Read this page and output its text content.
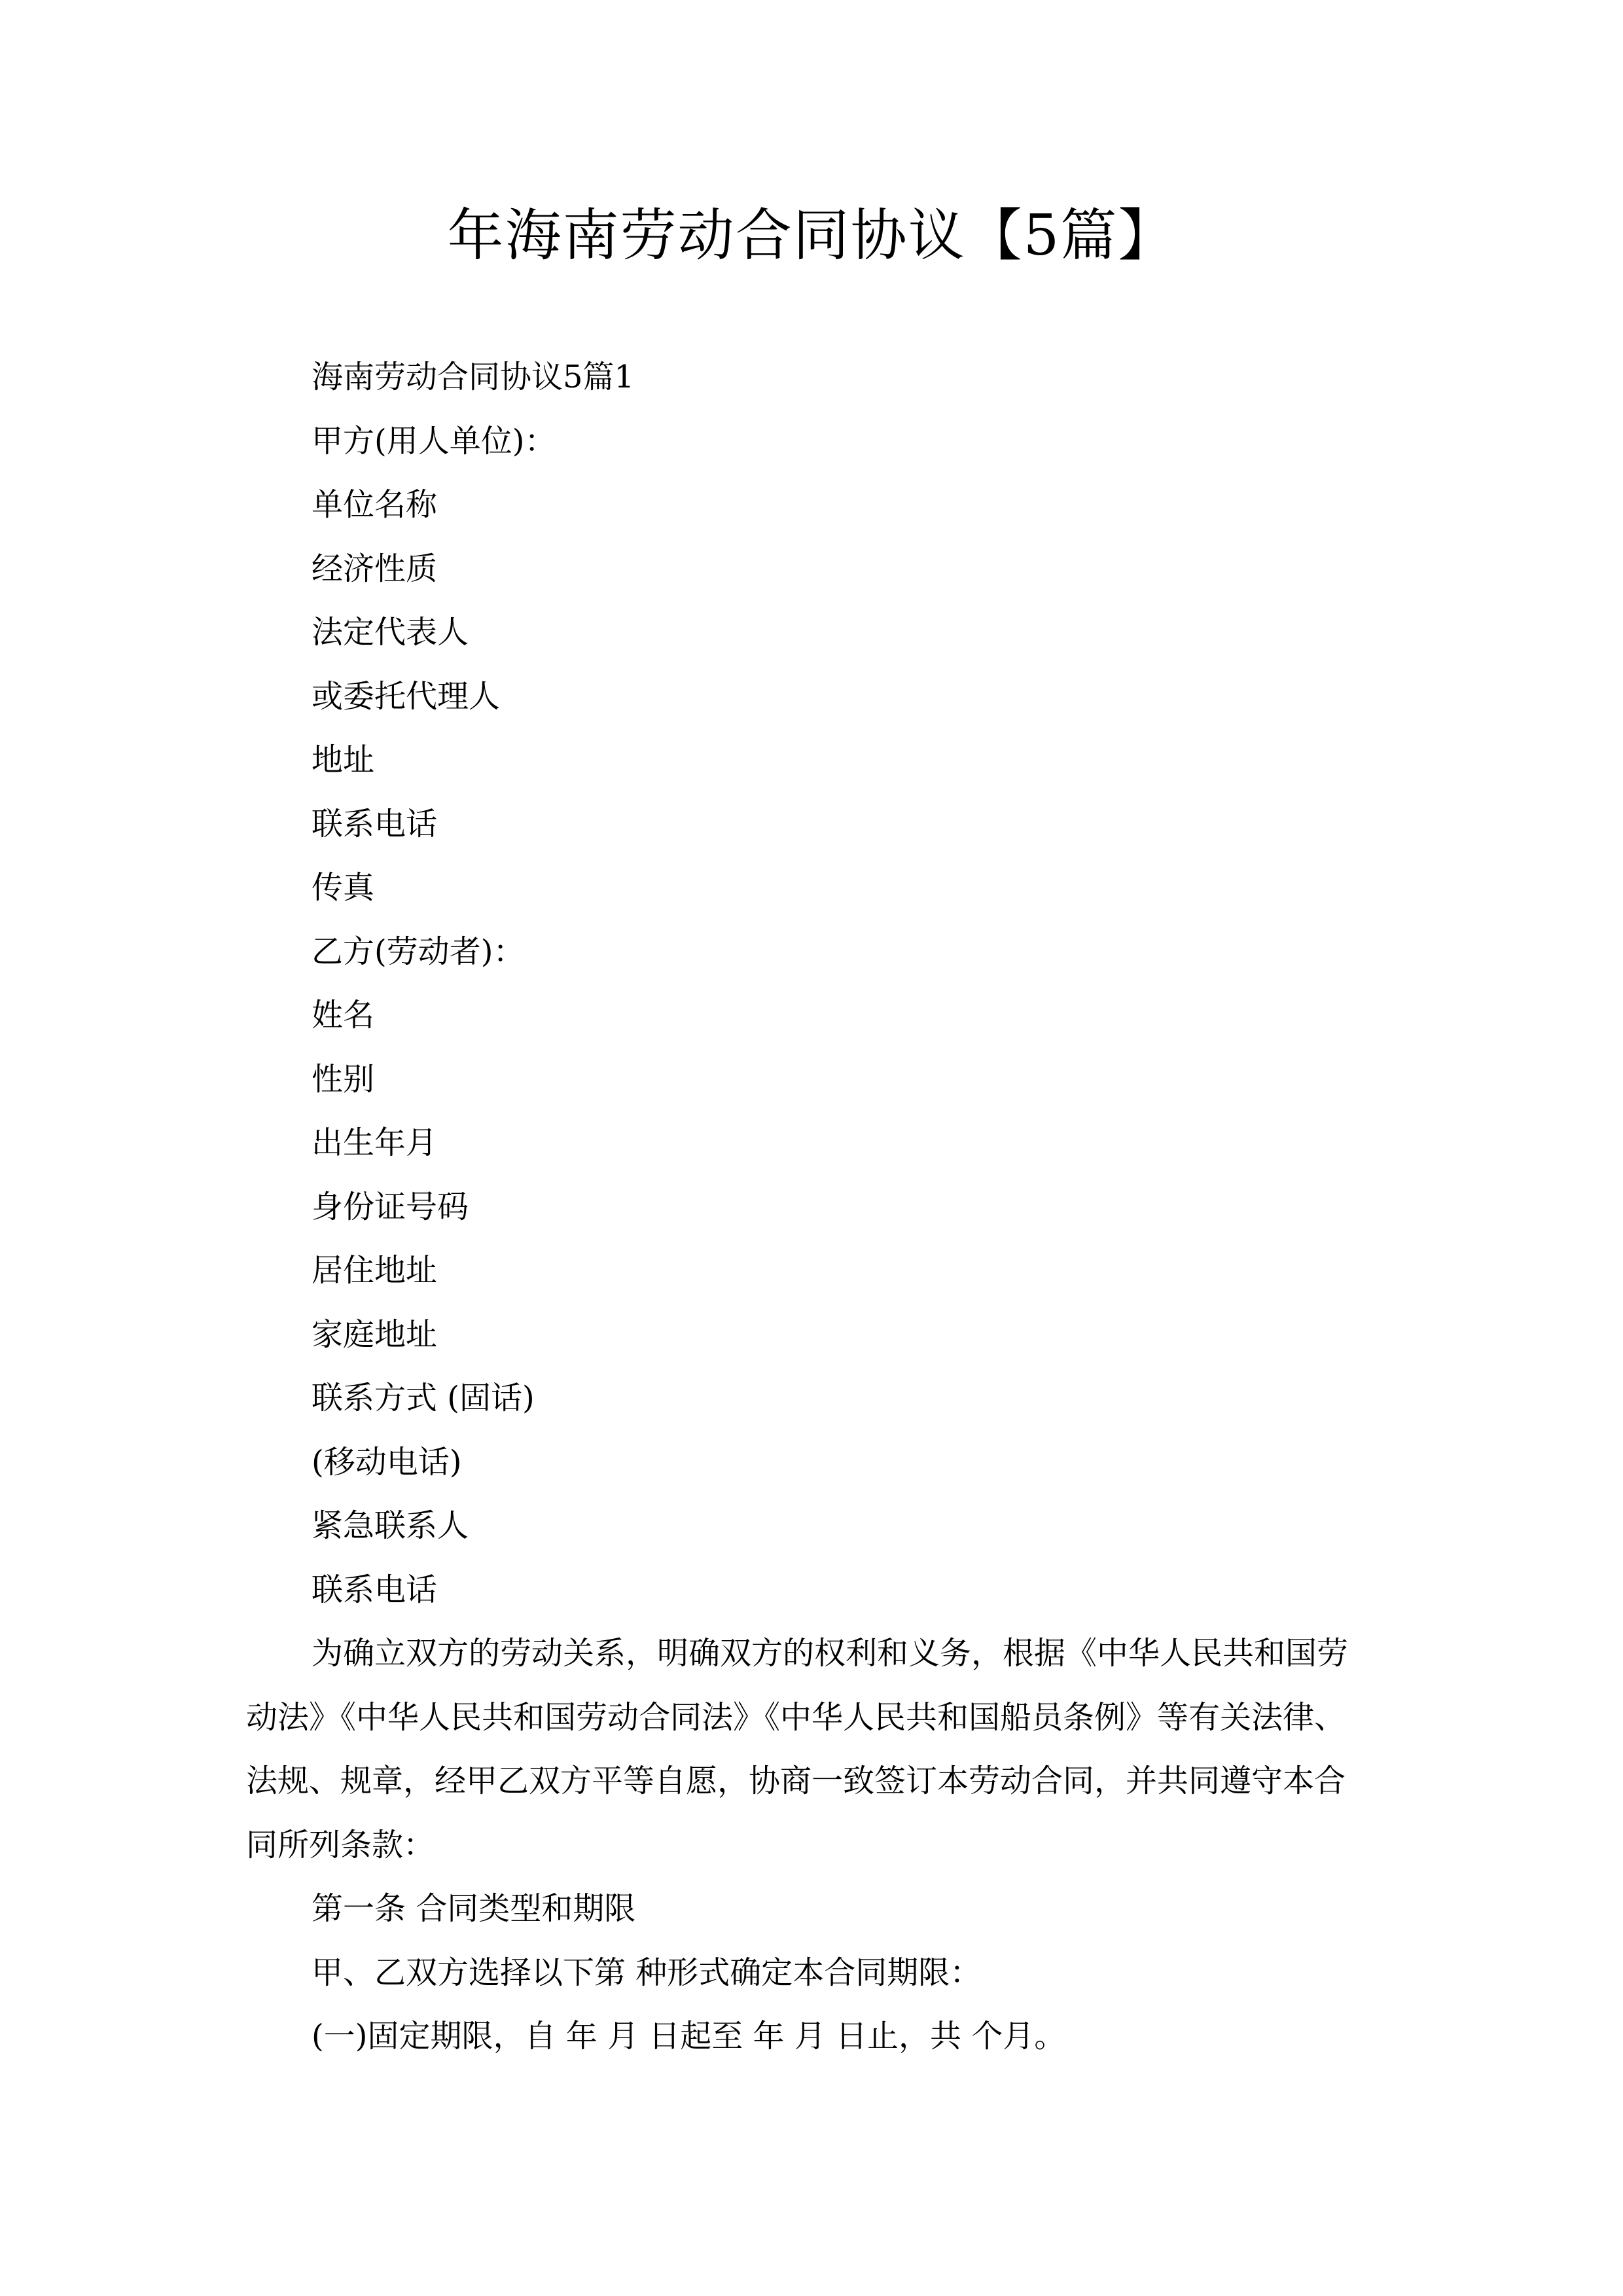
年海南劳动合同协议【5篇】
海南劳动合同协议5篇1
甲方(用人单位)：
单位名称
经济性质
法定代表人
或委托代理人
地址
联系电话
传真
乙方(劳动者)：
姓名
性别
出生年月
身份证号码
居住地址
家庭地址
联系方式 (固话)
(移动电话)
紧急联系人
联系电话
为确立双方的劳动关系，明确双方的权利和义务，根据《中华人民共和国劳
动法》《中华人民共和国劳动合同法》《中华人民共和国船员条例》等有关法律、
法规、规章，经甲乙双方平等自愿，协商一致签订本劳动合同，并共同遵守本合
同所列条款：
第一条 合同类型和期限
甲、乙双方选择以下第 种形式确定本合同期限：
(一)固定期限，自 年 月 日起至 年 月 日止，共 个月。
